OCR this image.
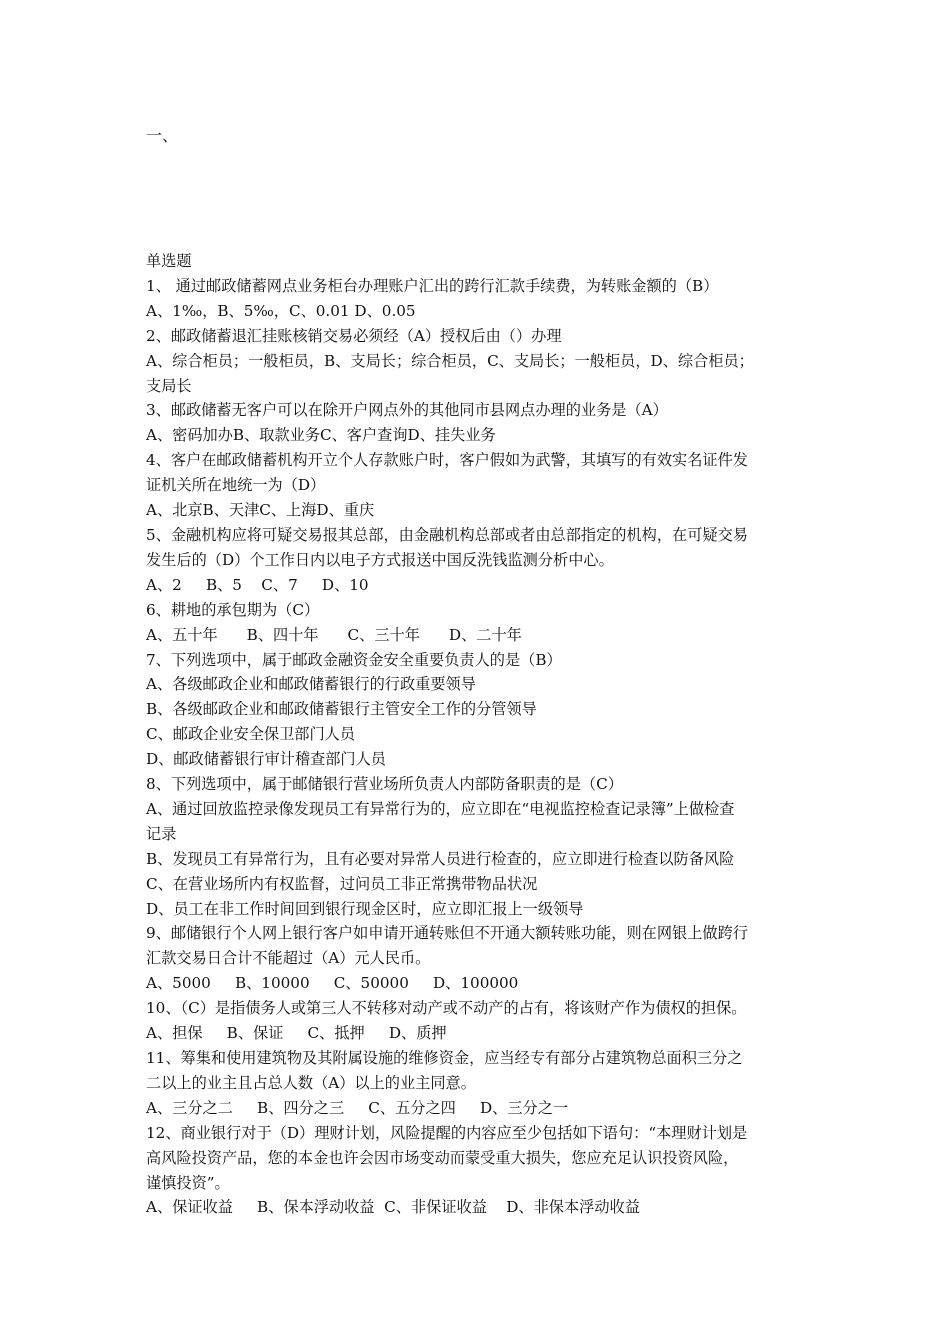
一、

单选题

1、 通过邮政储蓄网点业务柜台办理账户汇出的跨行汇款手续费，为转账金额的（B）

A、1‰，B、5‰，C、0.01 D、0.05

2、邮政储蓄退汇挂账核销交易必须经（A）授权后由（）办理

A、综合柜员；一般柜员，B、支局长；综合柜员，C、支局长；一般柜员，D、综合柜员；

支局长

3、邮政储蓄无客户可以在除开户网点外的其他同市县网点办理的业务是（A）

A、密码加办B、取款业务C、客户查询D、挂失业务

4、客户在邮政储蓄机构开立个人存款账户时，客户假如为武警，其填写的有效实名证件发

证机关所在地统一为（D）

A、北京B、天津C、上海D、重庆

5、金融机构应将可疑交易报其总部，由金融机构总部或者由总部指定的机构，在可疑交易

发生后的（D）个工作日内以电子方式报送中国反洗钱监测分析中心。

A、2     B、5    C、7     D、10

6、耕地的承包期为（C）

A、五十年      B、四十年      C、三十年      D、二十年

7、下列选项中，属于邮政金融资金安全重要负责人的是（B）

A、各级邮政企业和邮政储蓄银行的行政重要领导

B、各级邮政企业和邮政储蓄银行主管安全工作的分管领导

C、邮政企业安全保卫部门人员

D、邮政储蓄银行审计稽查部门人员

8、下列选项中，属于邮储银行营业场所负责人内部防备职责的是（C）

A、通过回放监控录像发现员工有异常行为的，应立即在“电视监控检查记录簿”上做检查

记录

B、发现员工有异常行为，且有必要对异常人员进行检查的，应立即进行检查以防备风险

C、在营业场所内有权监督，过问员工非正常携带物品状况

D、员工在非工作时间回到银行现金区时，应立即汇报上一级领导

9、邮储银行个人网上银行客户如申请开通转账但不开通大额转账功能，则在网银上做跨行

汇款交易日合计不能超过（A）元人民币。

A、5000     B、10000     C、50000     D、100000

10、（C）是指债务人或第三人不转移对动产或不动产的占有，将该财产作为债权的担保。

A、担保     B、保证     C、抵押     D、质押

11、筹集和使用建筑物及其附属设施的维修资金，应当经专有部分占建筑物总面积三分之

二以上的业主且占总人数（A）以上的业主同意。

A、三分之二     B、四分之三     C、五分之四     D、三分之一

12、商业银行对于（D）理财计划，风险提醒的内容应至少包括如下语句：“本理财计划是

高风险投资产品，您的本金也许会因市场变动而蒙受重大损失，您应充足认识投资风险，

谨慎投资”。

A、保证收益     B、保本浮动收益  C、非保证收益    D、非保本浮动收益
